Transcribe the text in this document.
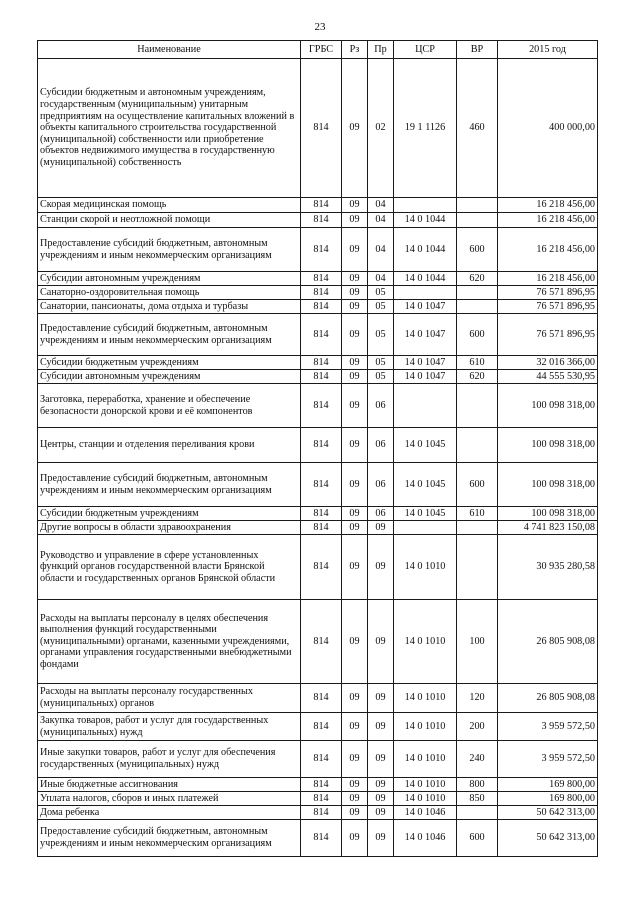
23
Наименование	ГРБС	Рз	Пр	ЦСР	ВР	2015 год
Субсидии бюджетным и автономным учреждениям, государственным (муниципальным) унитарным предприятиям на осуществление капитальных вложений в объекты капитального строительства государственной (муниципальной) собственности или приобретение объектов недвижимого имущества в государственную (муниципальной) собственность	814	09	02	19 1 1126	460	400 000,00
Скорая медицинская помощь	814	09	04			16 218 456,00
Станции скорой и неотложной помощи	814	09	04	14 0 1044		16 218 456,00
Предоставление субсидий бюджетным, автономным учреждениям и иным некоммерческим организациям	814	09	04	14 0 1044	600	16 218 456,00
Субсидии автономным учреждениям	814	09	04	14 0 1044	620	16 218 456,00
Санаторно-оздоровительная помощь	814	09	05			76 571 896,95
Санатории, пансионаты, дома отдыха и турбазы	814	09	05	14 0 1047		76 571 896,95
Предоставление субсидий бюджетным, автономным учреждениям и иным некоммерческим организациям	814	09	05	14 0 1047	600	76 571 896,95
Субсидии бюджетным учреждениям	814	09	05	14 0 1047	610	32 016 366,00
Субсидии автономным учреждениям	814	09	05	14 0 1047	620	44 555 530,95
Заготовка, переработка, хранение и обеспечение безопасности донорской крови и её компонентов	814	09	06			100 098 318,00
Центры, станции и отделения переливания крови	814	09	06	14 0 1045		100 098 318,00
Предоставление субсидий бюджетным, автономным учреждениям и иным некоммерческим организациям	814	09	06	14 0 1045	600	100 098 318,00
Субсидии бюджетным учреждениям	814	09	06	14 0 1045	610	100 098 318,00
Другие вопросы в области здравоохранения	814	09	09			4 741 823 150,08
Руководство и управление в сфере установленных функций органов государственной власти Брянской области и государственных органов Брянской области	814	09	09	14 0 1010		30 935 280,58
Расходы на выплаты персоналу в целях обеспечения выполнения функций государственными (муниципальными) органами, казенными учреждениями, органами управления государственными внебюджетными фондами	814	09	09	14 0 1010	100	26 805 908,08
Расходы на выплаты персоналу государственных (муниципальных) органов	814	09	09	14 0 1010	120	26 805 908,08
Закупка товаров, работ и услуг для государственных (муниципальных) нужд	814	09	09	14 0 1010	200	3 959 572,50
Иные закупки товаров, работ и услуг для обеспечения государственных (муниципальных) нужд	814	09	09	14 0 1010	240	3 959 572,50
Иные бюджетные ассигнования	814	09	09	14 0 1010	800	169 800,00
Уплата налогов, сборов и иных платежей	814	09	09	14 0 1010	850	169 800,00
Дома ребенка	814	09	09	14 0 1046		50 642 313,00
Предоставление субсидий бюджетным, автономным учреждениям и иным некоммерческим организациям	814	09	09	14 0 1046	600	50 642 313,00
